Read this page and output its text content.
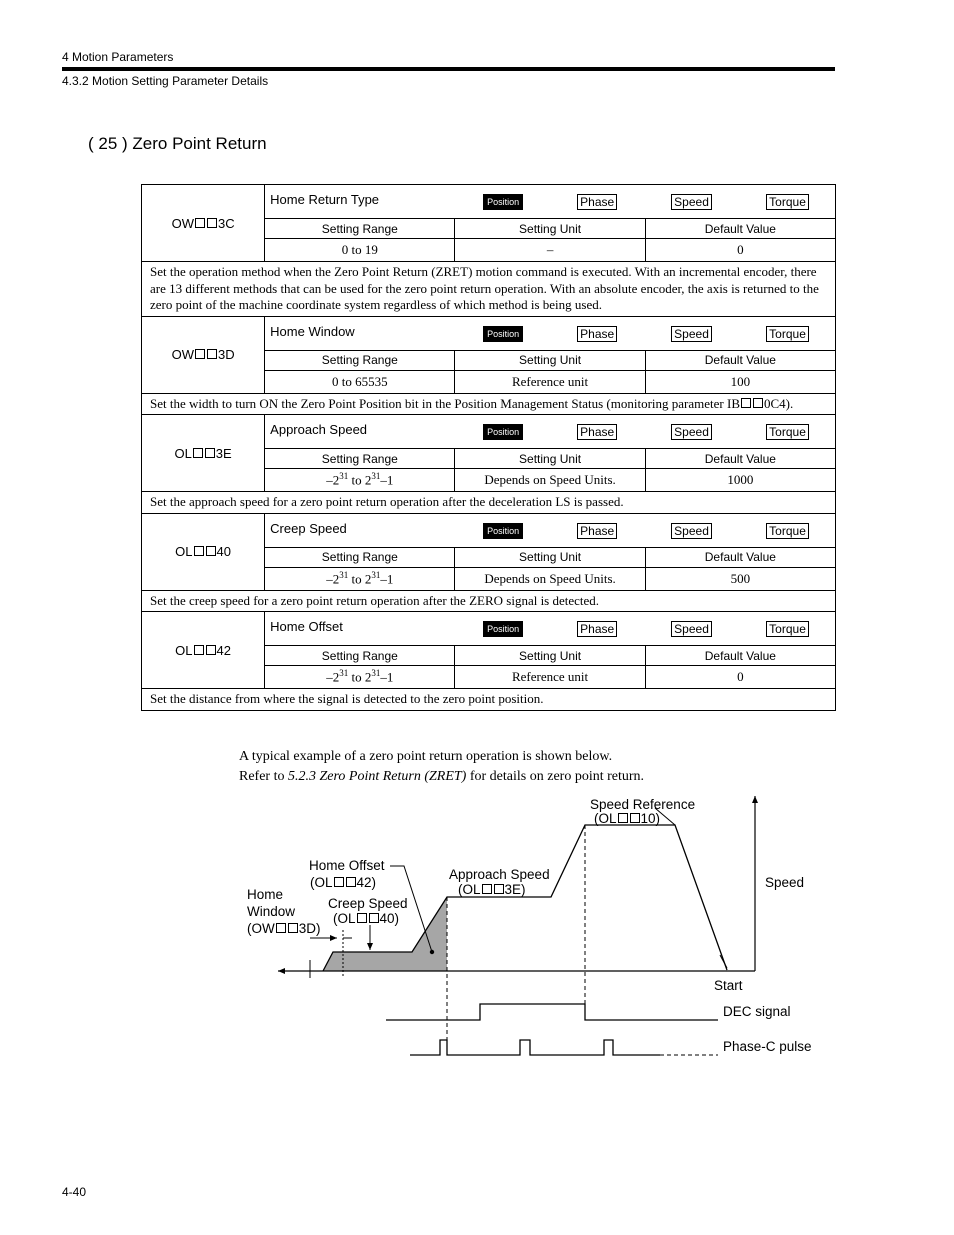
4 Motion Parameters
4.3.2 Motion Setting Parameter Details
( 25 ) Zero Point Return
OW 3C	Home Return Type Position Phase Speed Torque		

	Setting Range	Setting Unit	Default Value
	0 to 19	–	0
Set the operation method when the Zero Point Return (ZRET) motion command is executed. With an incremental encoder, there are 13 different methods that can be used for the zero point return operation. With an absolute encoder, the axis is returned to the zero point of the machine coordinate system regardless of which method is being used.			
OW 3D	Home Window Position Phase Speed Torque		

	Setting Range	Setting Unit	Default Value
	0 to 65535	Reference unit	100
Set the width to turn ON the Zero Point Position bit in the Position Management Status (monitoring parameter IB 0C4).			
OL 3E	Approach Speed Position Phase Speed Torque		

	Setting Range	Setting Unit	Default Value
	$-2^{31}$ to $2^{31}-1$	Depends on Speed Units.	1000
Set the approach speed for a zero point return operation after the deceleration LS is passed.			
OL 40	Creep Speed Position Phase Speed Torque		

	Setting Range	Setting Unit	Default Value
	$-2^{31}$ to $2^{31}-1$	Depends on Speed Units.	500
Set the creep speed for a zero point return operation after the ZERO signal is detected.			
OL 42	Home Offset Position Phase Speed Torque		

	Setting Range	Setting Unit	Default Value
	$-2^{31}$ to $2^{31}-1$	Reference unit	0
Set the distance from where the signal is detected to the zero point position.			
A typical example of a zero point return operation is shown below.
Refer to 5.2.3 Zero Point Return (ZRET) for details on zero point return.
Speed Reference
(OL 10)
Home Offset
(OL 42)
Approach Speed
(OL 3E)
Home
Window
(OW 3D)
Creep Speed
(OL 40)
Speed
Start
DEC signal
Phase-C pulse
4-40
